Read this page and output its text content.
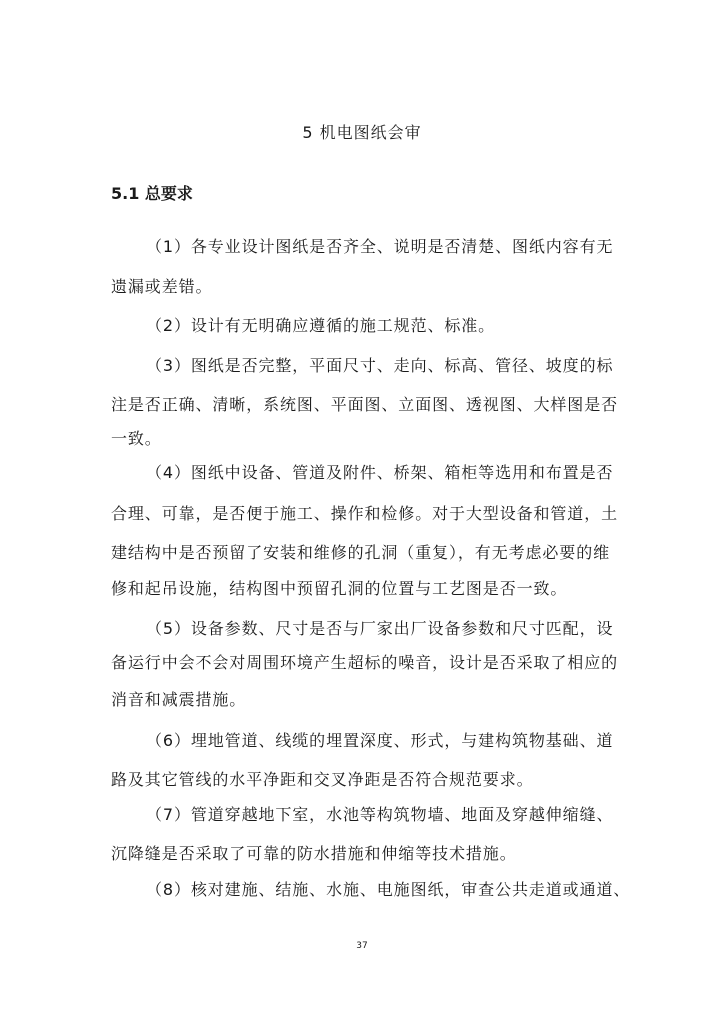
5 机电图纸会审
5.1 总要求
（1）各专业设计图纸是否齐全、说明是否清楚、图纸内容有无
遗漏或差错。
（2）设计有无明确应遵循的施工规范、标准。
（3）图纸是否完整，平面尺寸、走向、标高、管径、坡度的标
注是否正确、清晰，系统图、平面图、立面图、透视图、大样图是否
一致。
（4）图纸中设备、管道及附件、桥架、箱柜等选用和布置是否
合理、可靠，是否便于施工、操作和检修。对于大型设备和管道，土
建结构中是否预留了安装和维修的孔洞（重复），有无考虑必要的维
修和起吊设施，结构图中预留孔洞的位置与工艺图是否一致。
（5）设备参数、尺寸是否与厂家出厂设备参数和尺寸匹配，设
备运行中会不会对周围环境产生超标的噪音，设计是否采取了相应的
消音和减震措施。
（6）埋地管道、线缆的埋置深度、形式，与建构筑物基础、道
路及其它管线的水平净距和交叉净距是否符合规范要求。
（7）管道穿越地下室，水池等构筑物墙、地面及穿越伸缩缝、
沉降缝是否采取了可靠的防水措施和伸缩等技术措施。
（8）核对建施、结施、水施、电施图纸，审查公共走道或通道、
37
